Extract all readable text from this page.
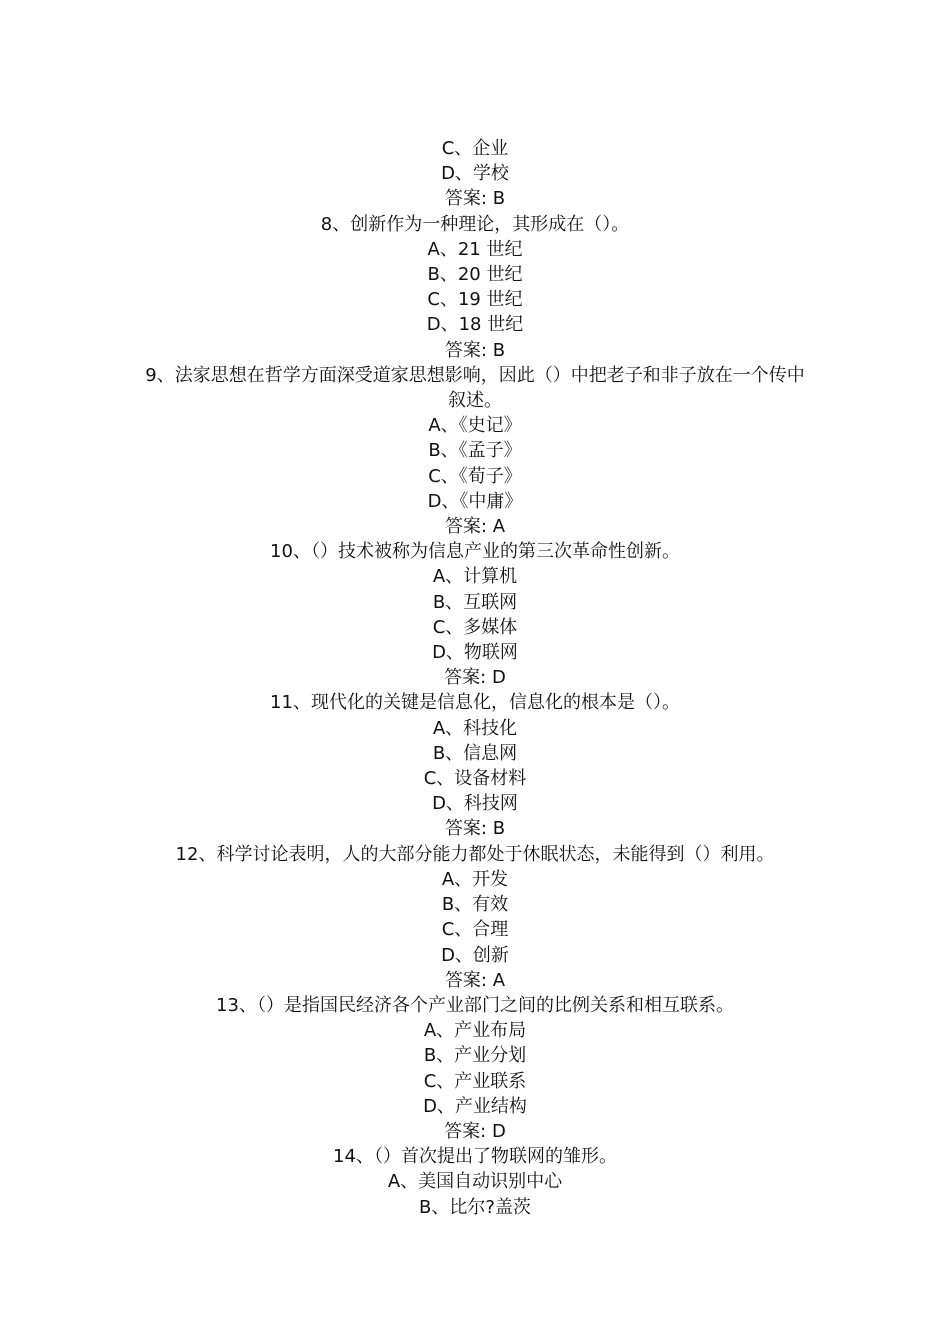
C、企业
D、学校
答案: B
8、创新作为一种理论，其形成在（）。
A、21 世纪
B、20 世纪
C、19 世纪
D、18 世纪
答案: B
9、法家思想在哲学方面深受道家思想影响，因此（）中把老子和非子放在一个传中
叙述。
A、《史记》
B、《孟子》
C、《荀子》
D、《中庸》
答案: A
10、（）技术被称为信息产业的第三次革命性创新。
A、计算机
B、互联网
C、多媒体
D、物联网
答案: D
11、现代化的关键是信息化，信息化的根本是（）。
A、科技化
B、信息网
C、设备材料
D、科技网
答案: B
12、科学讨论表明，人的大部分能力都处于休眠状态，未能得到（）利用。
A、开发
B、有效
C、合理
D、创新
答案: A
13、（）是指国民经济各个产业部门之间的比例关系和相互联系。
A、产业布局
B、产业分划
C、产业联系
D、产业结构
答案: D
14、（）首次提出了物联网的雏形。
A、美国自动识别中心
B、比尔?盖茨
